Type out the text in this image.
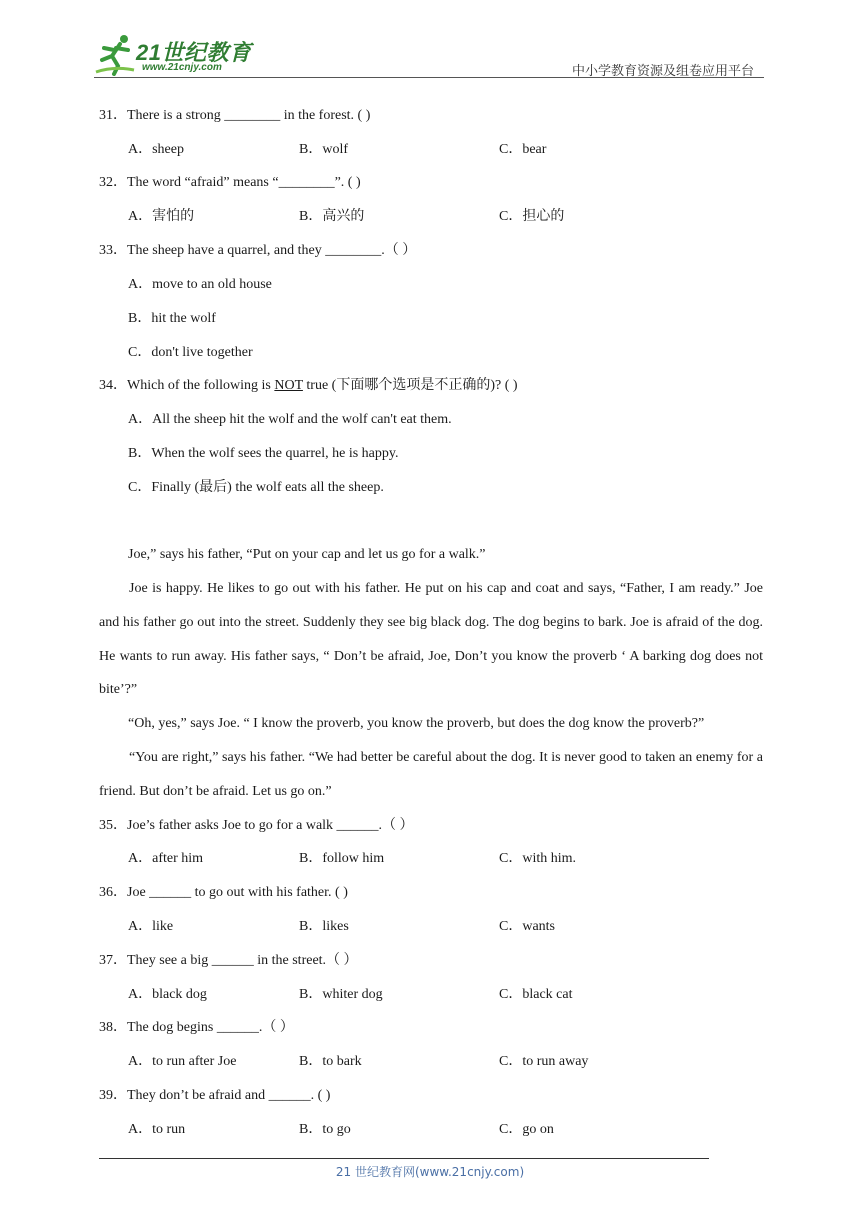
21世纪教育
www.21cnjy.com	中小学教育资源及组卷应用平台
31．There is a strong ________ in the forest. ( )
A．sheep	B．wolf	C．bear
32．The word “afraid” means “________”. ( )
A．害怕的	B．高兴的	C．担心的
33．The sheep have a quarrel, and they ________.（ ）
A．move to an old house
B．hit the wolf
C．don't live together
34．Which of the following is NOT true (下面哪个选项是不正确的)? ( )
A．All the sheep hit the wolf and the wolf can't eat them.
B．When the wolf sees the quarrel, he is happy.
C．Finally (最后) the wolf eats all the sheep.
Joe,” says his father, “Put on your cap and let us go for a walk.”

Joe is happy. He likes to go out with his father. He put on his cap and coat and says, “Father, I am ready.” Joe and his father go out into the street. Suddenly they see big black dog. The dog begins to bark. Joe is afraid of the dog. He wants to run away. His father says, “ Don’t be afraid, Joe, Don’t you know the proverb ‘ A barking dog does not bite’?”

“Oh, yes,” says Joe. “ I know the proverb, you know the proverb, but does the dog know the proverb?”

“You are right,” says his father. “We had better be careful about the dog. It is never good to taken an enemy for a friend. But don’t be afraid. Let us go on.”

35．Joe’s father asks Joe to go for a walk ______.（ ）
A．after him	B．follow him	C．with him.
36．Joe ______ to go out with his father. ( )
A．like	B．likes	C．wants
37．They see a big ______ in the street.（ ）
A．black dog	B．whiter dog	C．black cat
38．The dog begins ______.（ ）
A．to run after Joe	B．to bark	C．to run away
39．They don’t be afraid and ______. ( )
A．to run	B．to go	C．go on
21 世纪教育网(www.21cnjy.com)
